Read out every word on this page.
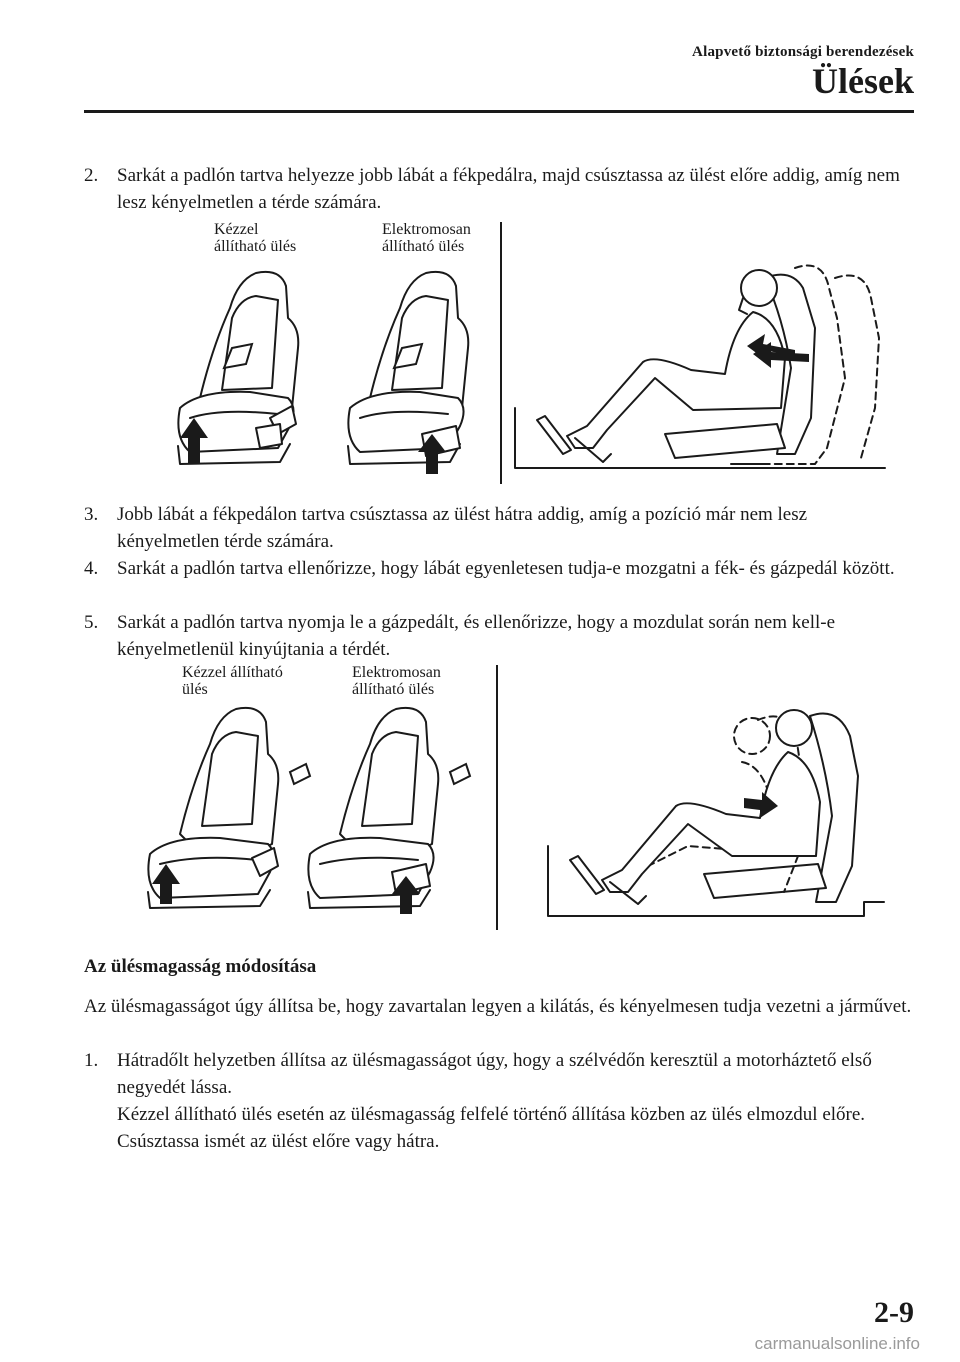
Alapvető biztonsági berendezések
Ülések
2. Sarkát a padlón tartva helyezze jobb lábát a fékpedálra, majd csúsztassa az ülést előre addig, amíg nem lesz kényelmetlen a térde számára.
Kézzel
állítható ülés
Elektromosan
állítható ülés
3. Jobb lábát a fékpedálon tartva csúsztassa az ülést hátra addig, amíg a pozíció már nem lesz kényelmetlen térde számára.
4. Sarkát a padlón tartva ellenőrizze, hogy lábát egyenletesen tudja-e mozgatni a fék- és gázpedál között.
5. Sarkát a padlón tartva nyomja le a gázpedált, és ellenőrizze, hogy a mozdulat során nem kell-e kényelmetlenül kinyújtania a térdét.
Kézzel állítható
ülés
Elektromosan
állítható ülés
Az ülésmagasság módosítása
Az ülésmagasságot úgy állítsa be, hogy zavartalan legyen a kilátás, és kényelmesen tudja vezetni a járművet.
1. Hátradőlt helyzetben állítsa az ülésmagasságot úgy, hogy a szélvédőn keresztül a motorháztető első negyedét lássa.
Kézzel állítható ülés esetén az ülésmagasság felfelé történő állítása közben az ülés elmozdul előre. Csúsztassa ismét az ülést előre vagy hátra.
2-9
carmanualsonline.info
